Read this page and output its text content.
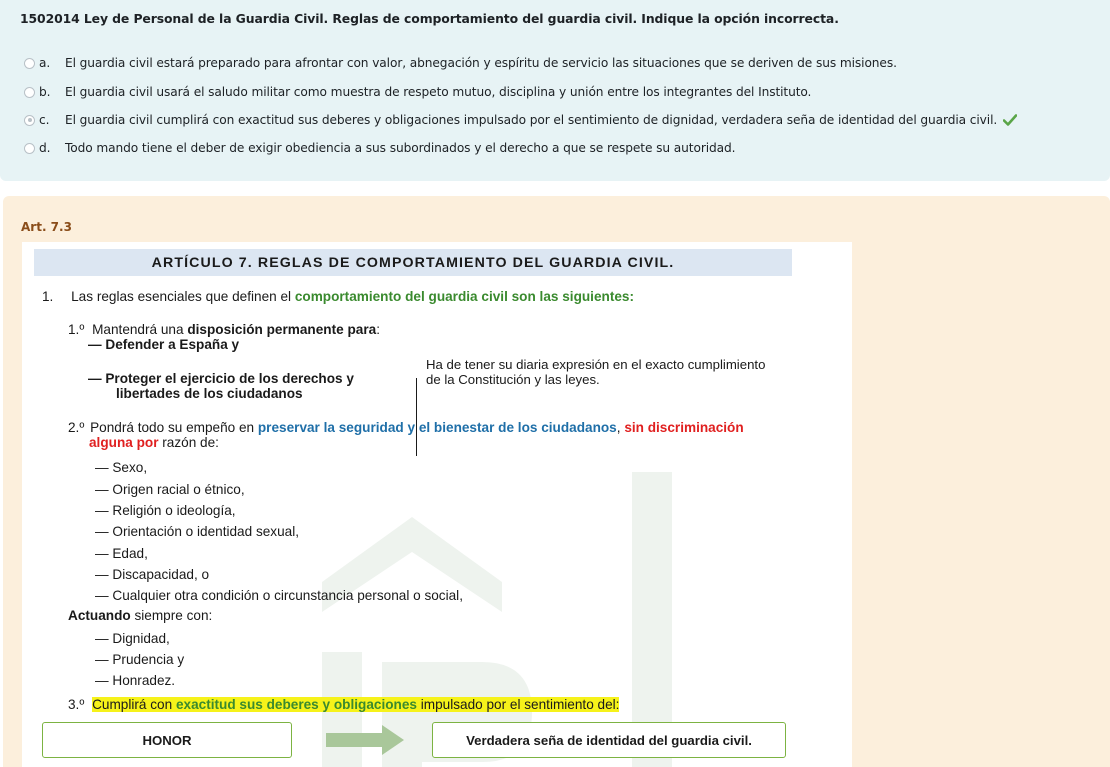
1502014 Ley de Personal de la Guardia Civil. Reglas de comportamiento del guardia civil. Indique la opción incorrecta.
a.	El guardia civil estará preparado para afrontar con valor, abnegación y espíritu de servicio las situaciones que se deriven de sus misiones.
b.	El guardia civil usará el saludo militar como muestra de respeto mutuo, disciplina y unión entre los integrantes del Instituto.
c.	El guardia civil cumplirá con exactitud sus deberes y obligaciones impulsado por el sentimiento de dignidad, verdadera seña de identidad del guardia civil.
d.	Todo mando tiene el deber de exigir obediencia a sus subordinados y el derecho a que se respete su autoridad.
Art. 7.3
ARTÍCULO 7. REGLAS DE COMPORTAMIENTO DEL GUARDIA CIVIL.
1. Las reglas esenciales que definen el comportamiento del guardia civil son las siguientes:
1.º Mantendrá una disposición permanente para:
— Defender a España y
— Proteger el ejercicio de los derechos y
libertades de los ciudadanos
Ha de tener su diaria expresión en el exacto cumplimiento
de la Constitución y las leyes.
2.º Pondrá todo su empeño en preservar la seguridad y el bienestar de los ciudadanos, sin discriminación
alguna por razón de:
— Sexo,
— Origen racial o étnico,
— Religión o ideología,
— Orientación o identidad sexual,
— Edad,
— Discapacidad, o
— Cualquier otra condición o circunstancia personal o social,
Actuando siempre con:
— Dignidad,
— Prudencia y
— Honradez.
3.º Cumplirá con exactitud sus deberes y obligaciones impulsado por el sentimiento del:
HONOR	Verdadera seña de identidad del guardia civil.
